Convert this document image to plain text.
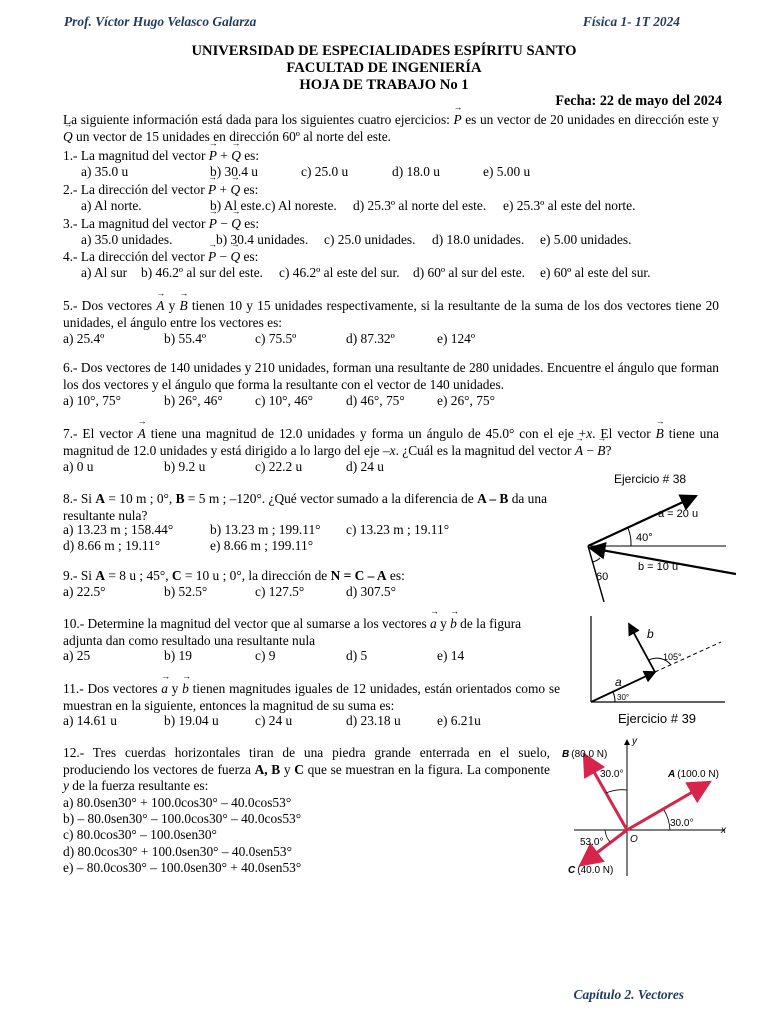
Prof. Víctor Hugo Velasco Galarza	Física 1- 1T 2024
UNIVERSIDAD DE ESPECIALIDADES ESPÍRITU SANTO
FACULTAD DE INGENIERÍA
HOJA DE TRABAJO No 1
Fecha: 22 de mayo del 2024
La siguiente información está dada para los siguientes cuatro ejercicios: → P es un vector de 20 unidades en dirección este y → Q un vector de 15 unidades en dirección 60º al norte del este.
1.- La magnitud del vector → P + → Q es:
a) 35.0 u	b) 30.4 u	c) 25.0 u	d) 18.0 u	e) 5.00 u
2.- La dirección del vector → P + → Q es:
a) Al norte.	b) Al este.c) Al noreste. d) 25.3º al norte del este. e) 25.3º al este del norte.
3.- La magnitud del vector → P − → Q es:
a) 35.0 unidades.	b) 30.4 unidades. c) 25.0 unidades. d) 18.0 unidades. e) 5.00 unidades.
4.- La dirección del vector → P − → Q es:
a) Al sur b) 46.2º al sur del este. c) 46.2º al este del sur. d) 60º al sur del este. e) 60º al este del sur.
5.- Dos vectores → A y → B tienen 10 y 15 unidades respectivamente, si la resultante de la suma de los dos vectores tiene 20 unidades, el ángulo entre los vectores es:
a) 25.4º	b) 55.4º	c) 75.5º	d) 87.32º	e) 124º
6.- Dos vectores de 140 unidades y 210 unidades, forman una resultante de 280 unidades. Encuentre el ángulo que forman los dos vectores y el ángulo que forma la resultante con el vector de 140 unidades.
a) 10°, 75°	b) 26°, 46° c) 10°, 46° d) 46°, 75° e) 26°, 75°
7.- El vector → A tiene una magnitud de 12.0 unidades y forma un ángulo de 45.0° con el eje +x. El vector → B tiene una magnitud de 12.0 unidades y está dirigido a lo largo del eje –x. ¿Cuál es la magnitud del vector → A − → B?
a) 0 u	b) 9.2 u	c) 22.2 u	d) 24 u
8.- Si A = 10 m ; 0°, B = 5 m ; –120°. ¿Qué vector sumado a la diferencia de A – B da una resultante nula?
a) 13.23 m ; 158.44°	b) 13.23 m ; 199.11° c) 13.23 m ; 19.11°
d) 8.66 m ; 19.11°	e) 8.66 m ; 199.11°
9.- Si A = 8 u ; 45°, C = 10 u ; 0°, la dirección de N = C – A es:
a) 22.5°	b) 52.5°	c) 127.5°	d) 307.5°
10.- Determine la magnitud del vector que al sumarse a los vectores → a y → b de la figura adjunta dan como resultado una resultante nula
a) 25	b) 19	c) 9	d) 5	e) 14
11.- Dos vectores → a y → b tienen magnitudes iguales de 12 unidades, están orientados como se muestran en la siguiente, entonces la magnitud de su suma es:
a) 14.61 u	b) 19.04 u	c) 24 u	d) 23.18 u	e) 6.21u
12.- Tres cuerdas horizontales tiran de una piedra grande enterrada en el suelo, produciendo los vectores de fuerza A, B y C que se muestran en la figura. La componente y de la fuerza resultante es:
a) 80.0sen30° + 100.0cos30° – 40.0cos53°
b) – 80.0sen30° – 100.0cos30° – 40.0cos53°
c) 80.0cos30° – 100.0sen30°
d) 80.0cos30° + 100.0sen30° – 40.0sen53°
e) – 80.0cos30° – 100.0sen30° + 40.0sen53°
Ejercicio # 38
a = 20 u
40°
b = 10 u
60
b
105°
a
30°
Ejercicio # 39
B (80.0 N)
30.0°
y
A (100.0 N)
30.0°
x
O
53.0°
C (40.0 N)
Capítulo 2. Vectores
